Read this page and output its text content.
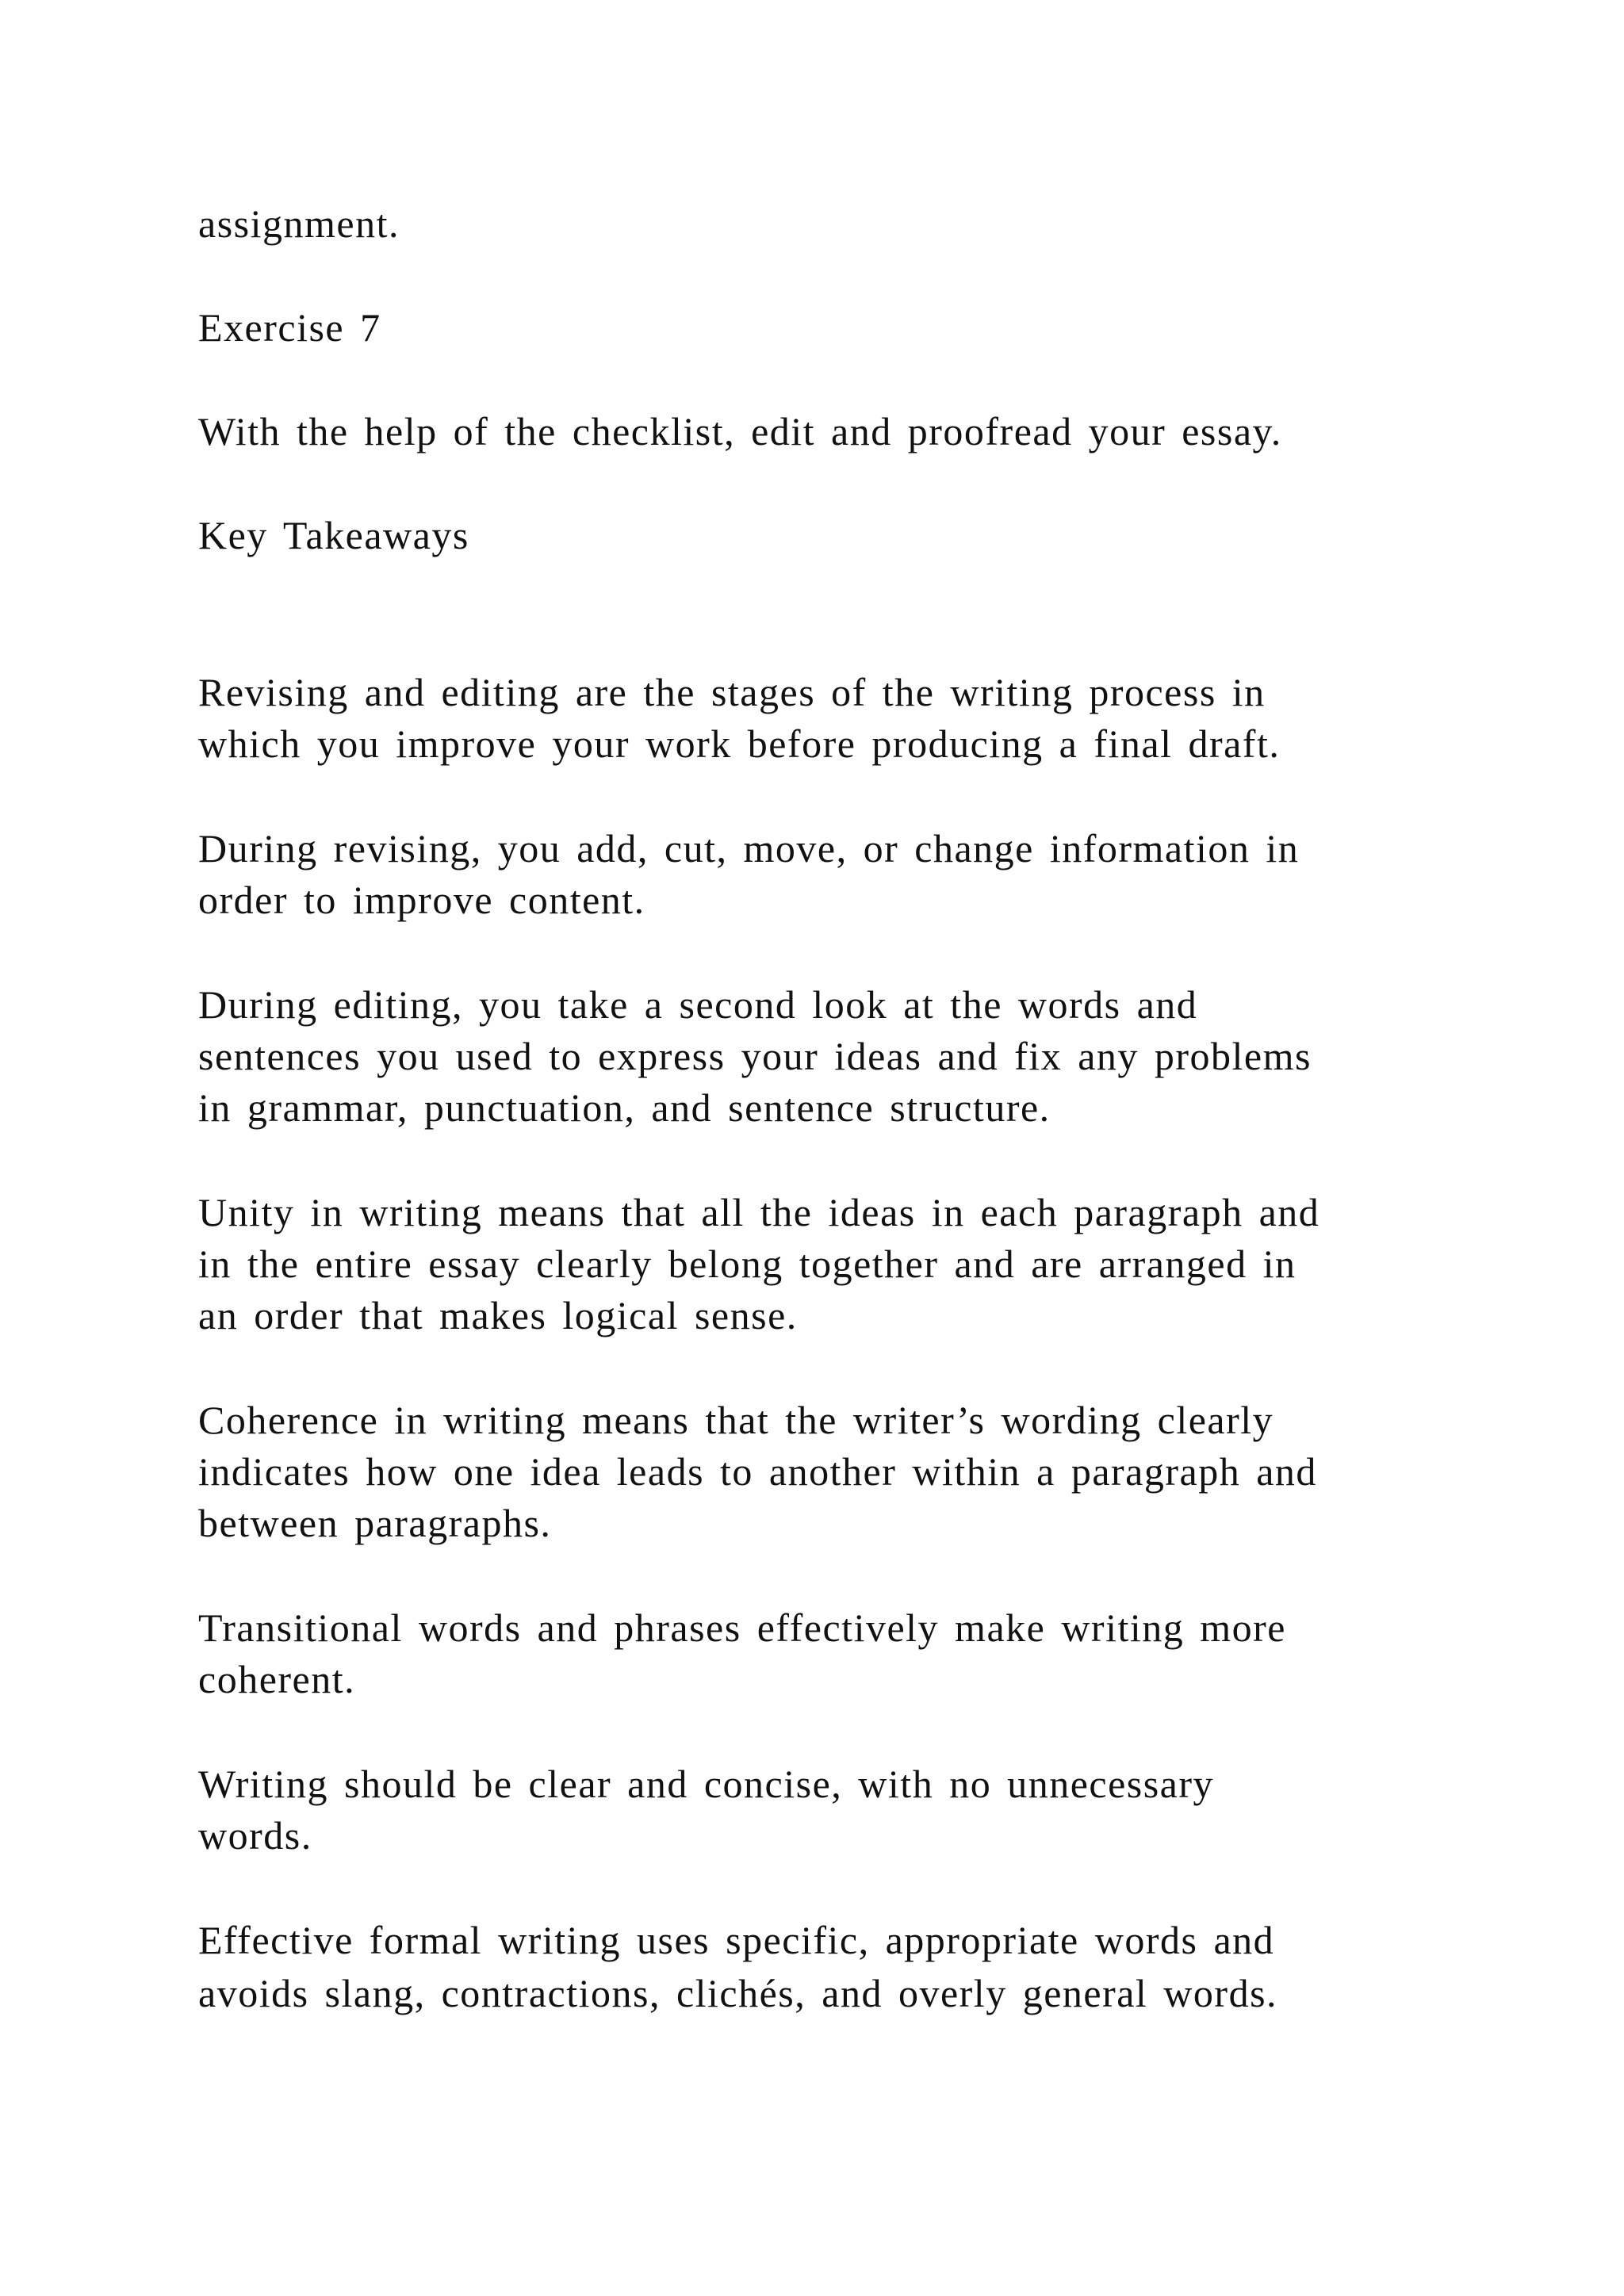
assignment.

Exercise 7

With the help of the checklist, edit and proofread your essay.

Key Takeaways

Revising and editing are the stages of the writing process in

which you improve your work before producing a final draft.

During revising, you add, cut, move, or change information in

order to improve content.

During editing, you take a second look at the words and

sentences you used to express your ideas and fix any problems

in grammar, punctuation, and sentence structure.

Unity in writing means that all the ideas in each paragraph and

in the entire essay clearly belong together and are arranged in

an order that makes logical sense.

Coherence in writing means that the writer’s wording clearly

indicates how one idea leads to another within a paragraph and

between paragraphs.

Transitional words and phrases effectively make writing more

coherent.

Writing should be clear and concise, with no unnecessary

words.

Effective formal writing uses specific, appropriate words and

avoids slang, contractions, clichés, and overly general words.
